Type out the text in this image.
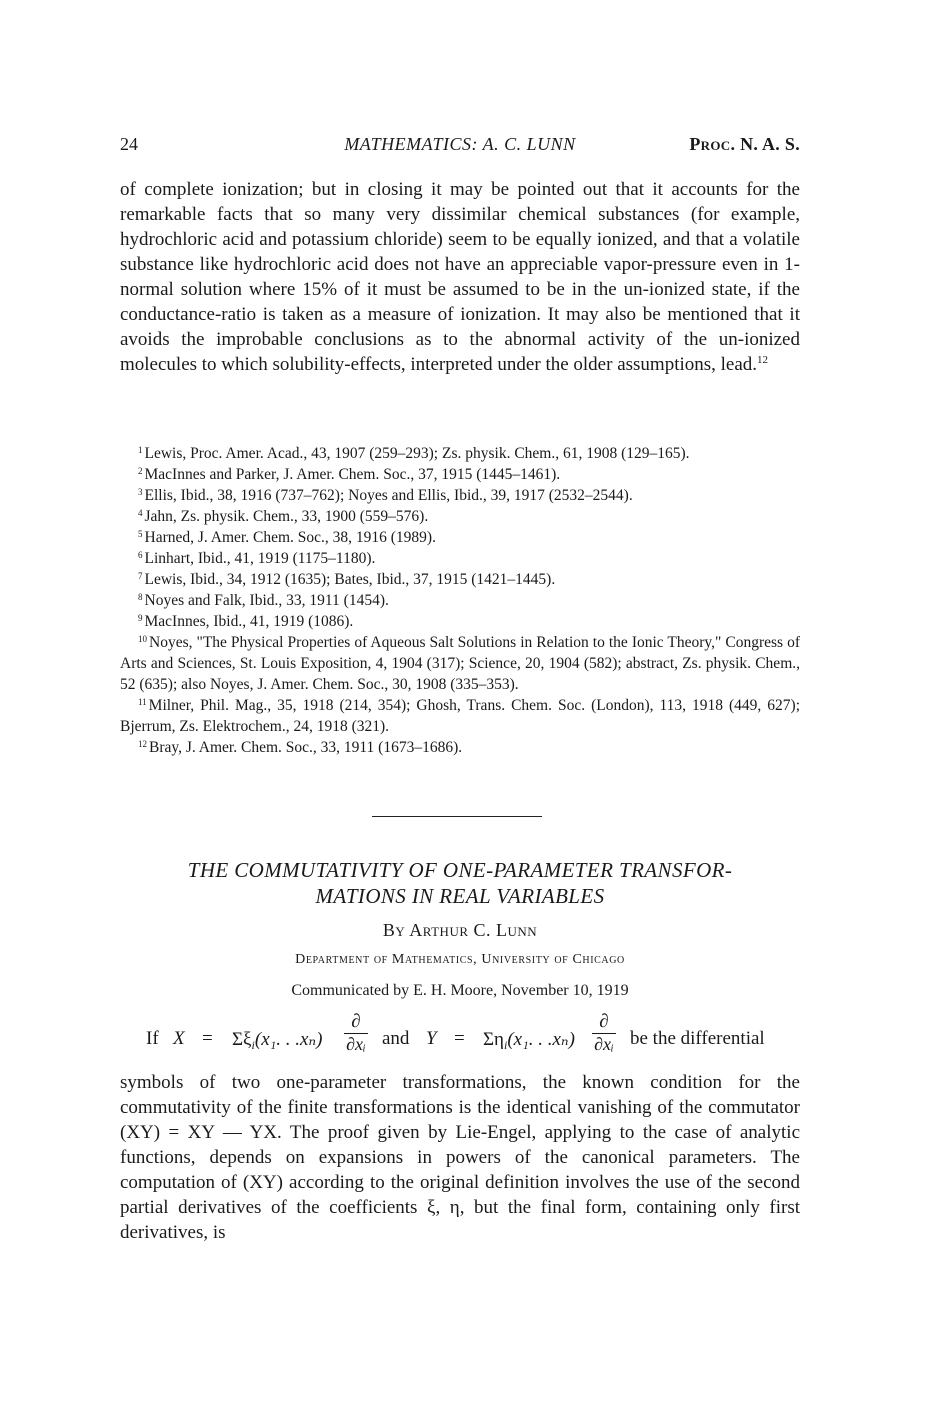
24	MATHEMATICS: A. C. LUNN	Proc. N. A. S.
of complete ionization; but in closing it may be pointed out that it accounts for the remarkable facts that so many very dissimilar chemical substances (for example, hydrochloric acid and potassium chloride) seem to be equally ionized, and that a volatile substance like hydrochloric acid does not have an appreciable vapor-pressure even in 1-normal solution where 15% of it must be assumed to be in the un-ionized state, if the conductance-ratio is taken as a measure of ionization. It may also be mentioned that it avoids the improbable conclusions as to the abnormal activity of the un-ionized molecules to which solubility-effects, interpreted under the older assumptions, lead.$^{12}$

$^1$ Lewis, Proc. Amer. Acad., 43, 1907 (259–293); Zs. physik. Chem., 61, 1908 (129–165).

$^2$ MacInnes and Parker, J. Amer. Chem. Soc., 37, 1915 (1445–1461).

$^3$ Ellis, Ibid., 38, 1916 (737–762); Noyes and Ellis, Ibid., 39, 1917 (2532–2544).

$^4$ Jahn, Zs. physik. Chem., 33, 1900 (559–576).

$^5$ Harned, J. Amer. Chem. Soc., 38, 1916 (1989).

$^6$ Linhart, Ibid., 41, 1919 (1175–1180).

$^7$ Lewis, Ibid., 34, 1912 (1635); Bates, Ibid., 37, 1915 (1421–1445).

$^8$ Noyes and Falk, Ibid., 33, 1911 (1454).

$^9$ MacInnes, Ibid., 41, 1919 (1086).

$^{10}$ Noyes, "The Physical Properties of Aqueous Salt Solutions in Relation to the Ionic Theory," Congress of Arts and Sciences, St. Louis Exposition, 4, 1904 (317); Science, 20, 1904 (582); abstract, Zs. physik. Chem., 52 (635); also Noyes, J. Amer. Chem. Soc., 30, 1908 (335–353).

$^{11}$ Milner, Phil. Mag., 35, 1918 (214, 354); Ghosh, Trans. Chem. Soc. (London), 113, 1918 (449, 627); Bjerrum, Zs. Elektrochem., 24, 1918 (321).

$^{12}$ Bray, J. Amer. Chem. Soc., 33, 1911 (1673–1686).

THE COMMUTATIVITY OF ONE-PARAMETER TRANSFOR-
MATIONS IN REAL VARIABLES
By Arthur C. Lunn
Department of Mathematics, University of Chicago
Communicated by E. H. Moore, November 10, 1919
If $X = \Sigma\xi_i(x_1$. . .xₙ)
∂
∂xᵢ and $Y = \Sigma\eta_i(x_1$. . .xₙ)
∂
∂xᵢ be the differential
symbols of two one-parameter transformations, the known condition for the commutativity of the finite transformations is the identical vanishing of the commutator (XY) = XY — YX. The proof given by Lie-Engel, applying to the case of analytic functions, depends on expansions in powers of the canonical parameters. The computation of (XY) according to the original definition involves the use of the second partial derivatives of the coefficients ξ, η, but the final form, containing only first derivatives, is
